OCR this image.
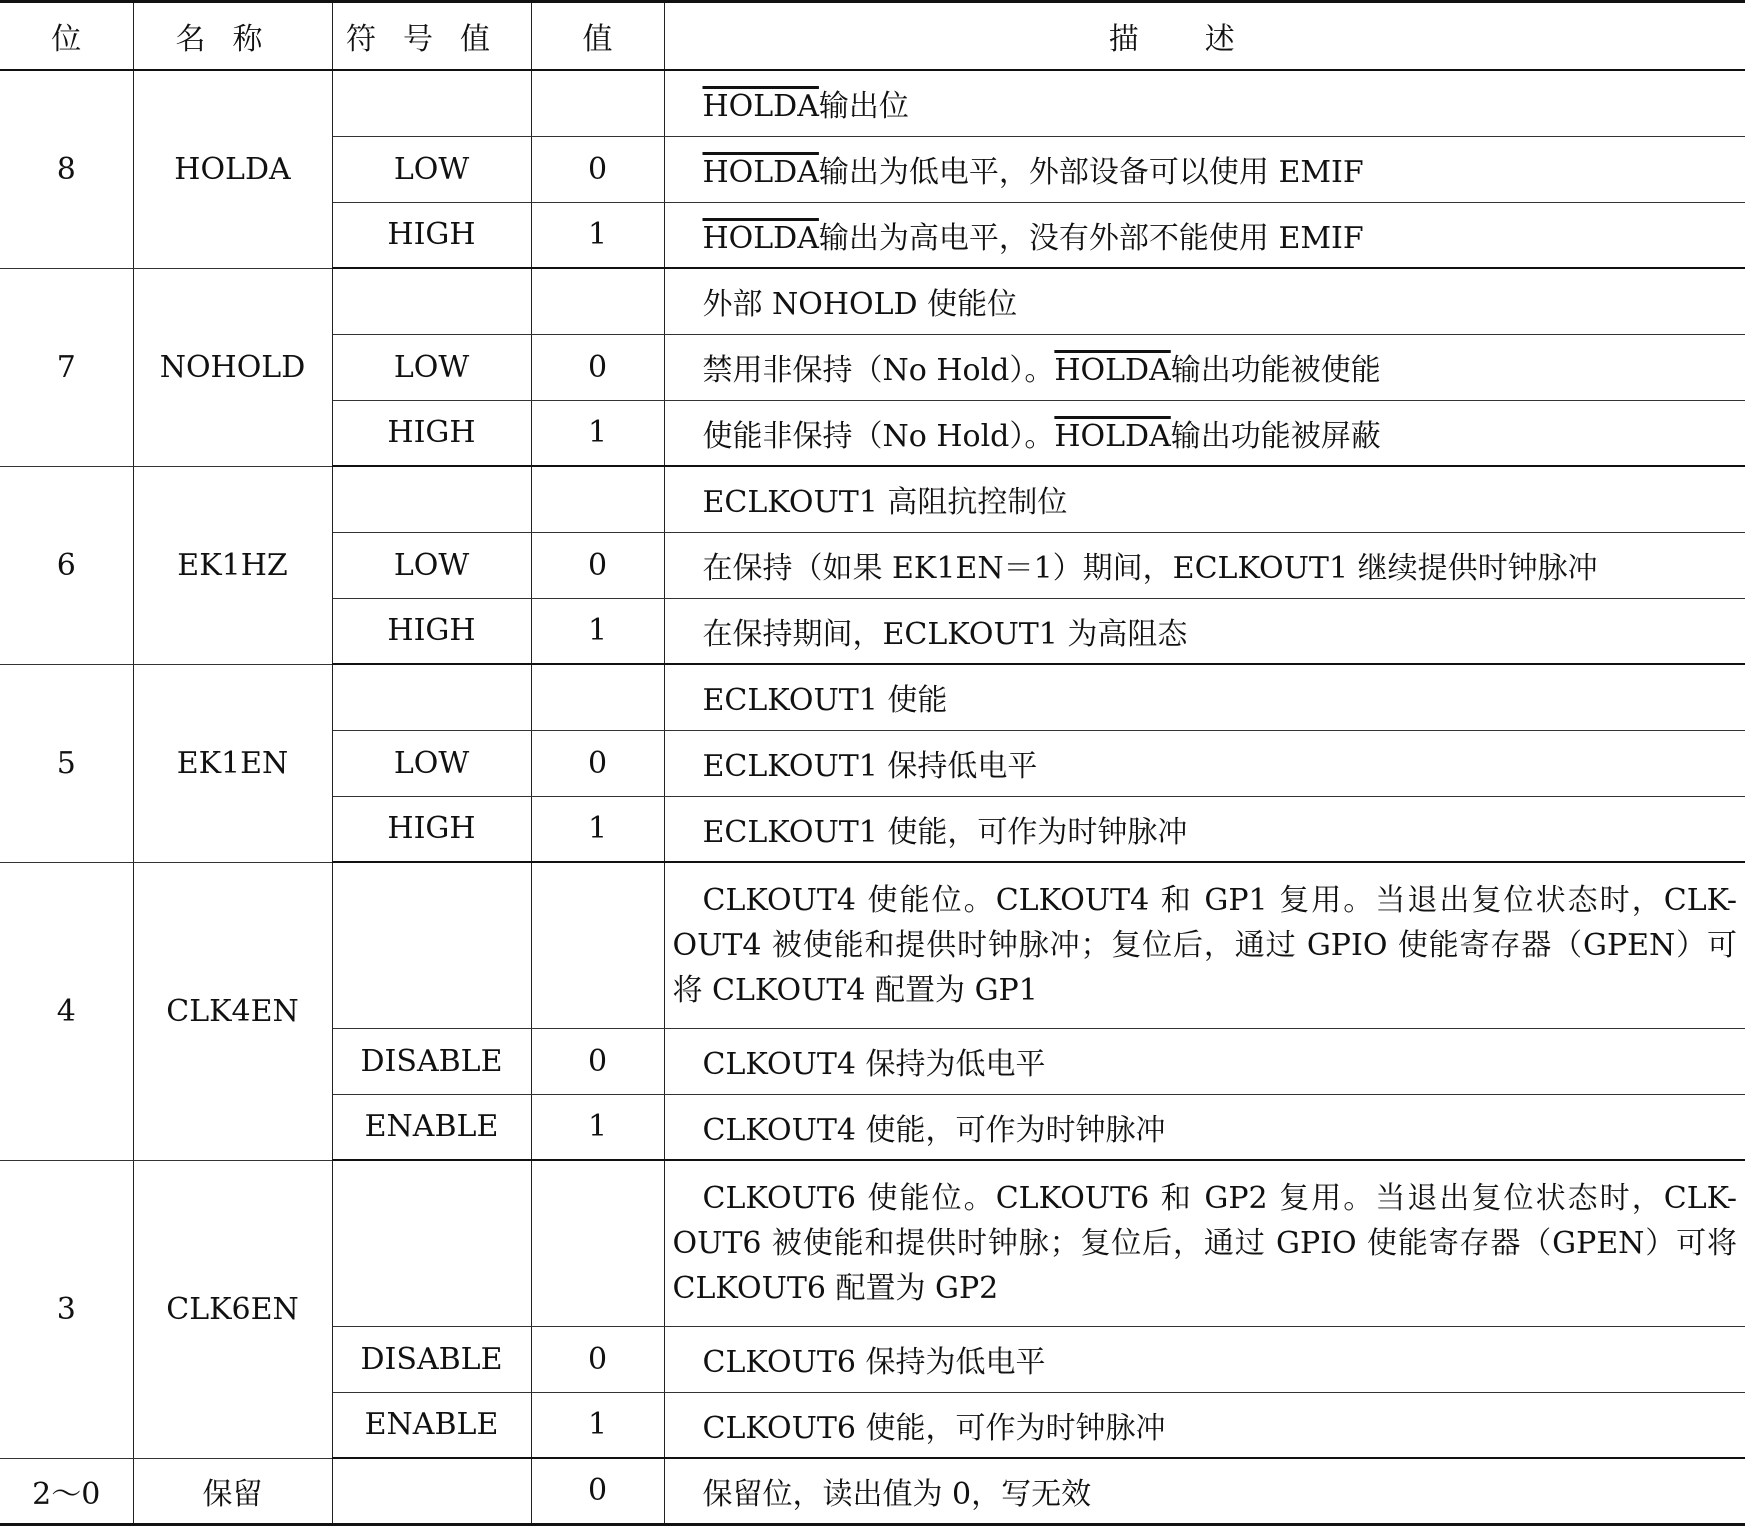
位	名称	符号值	值	描述
8	HOLDA			HOLDA输出位
		LOW	0	HOLDA输出为低电平，外部设备可以使用 EMIF
		HIGH	1	HOLDA输出为高电平，没有外部不能使用 EMIF
7	NOHOLD			外部 NOHOLD 使能位
		LOW	0	禁用非保持（No Hold）。HOLDA输出功能被使能
		HIGH	1	使能非保持（No Hold）。HOLDA输出功能被屏蔽
6	EK1HZ			ECLKOUT1 高阻抗控制位
		LOW	0	在保持（如果 EK1EN＝1）期间，ECLKOUT1 继续提供时钟脉冲
		HIGH	1	在保持期间，ECLKOUT1 为高阻态
5	EK1EN			ECLKOUT1 使能
		LOW	0	ECLKOUT1 保持低电平
		HIGH	1	ECLKOUT1 使能，可作为时钟脉冲
4	CLK4EN			CLKOUT4 使能位。CLKOUT4 和 GP1 复用。当退出复位状态时，CLK-OUT4 被使能和提供时钟脉冲；复位后，通过 GPIO 使能寄存器（GPEN）可将 CLKOUT4 配置为 GP1
		DISABLE	0	CLKOUT4 保持为低电平
		ENABLE	1	CLKOUT4 使能，可作为时钟脉冲
3	CLK6EN			CLKOUT6 使能位。CLKOUT6 和 GP2 复用。当退出复位状态时，CLK-OUT6 被使能和提供时钟脉；复位后，通过 GPIO 使能寄存器（GPEN）可将 CLKOUT6 配置为 GP2
		DISABLE	0	CLKOUT6 保持为低电平
		ENABLE	1	CLKOUT6 使能，可作为时钟脉冲
2～0	保留		0	保留位，读出值为 0，写无效
